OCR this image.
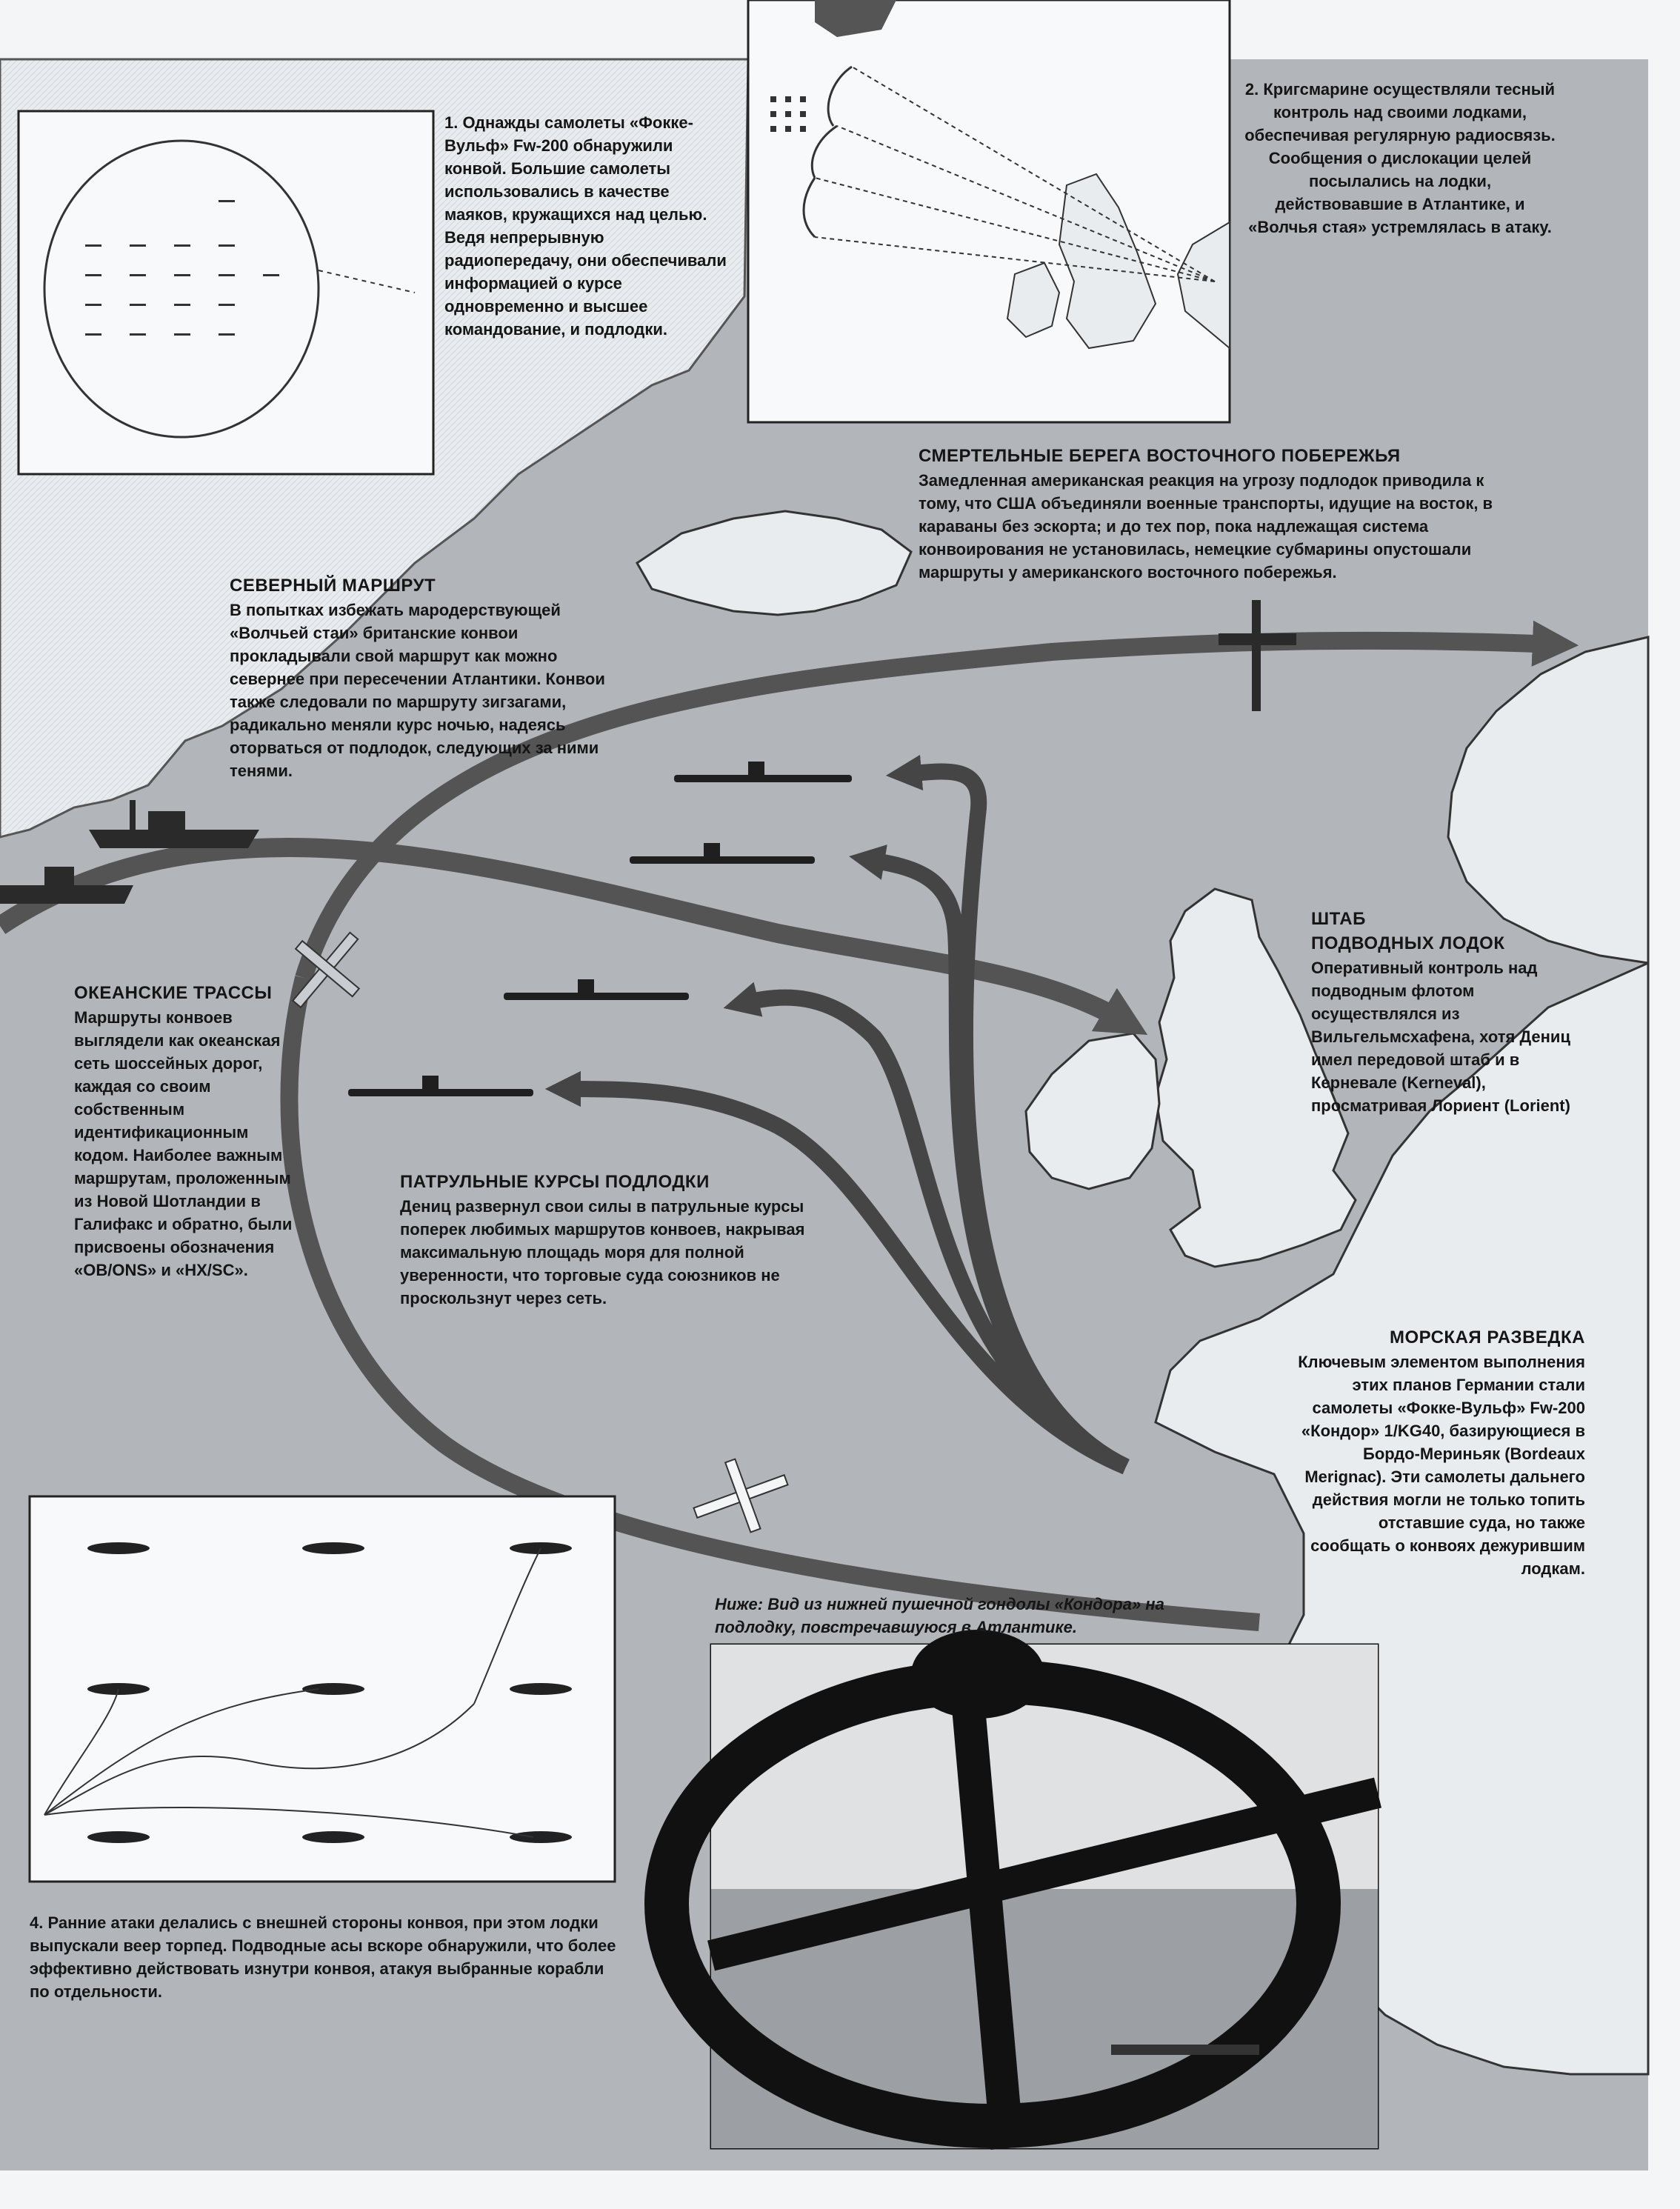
1. Однажды самолеты «Фокке-Вульф» Fw-200 обнаружили конвой. Большие самолеты использовались в качестве маяков, кружащихся над целью. Ведя непрерывную радиопередачу, они обеспечивали информацией о курсе одновременно и высшее командование, и подлодки.

2. Кригсмарине осуществляли тесный контроль над своими лодками, обеспечивая регулярную радиосвязь. Сообщения о дислокации целей посылались на лодки, действовавшие в Атлантике, и «Волчья стая» устремлялась в атаку.

СМЕРТЕЛЬНЫЕ БЕРЕГА ВОСТОЧНОГО ПОБЕРЕЖЬЯ

Замедленная американская реакция на угрозу подлодок приводила к тому, что США объединяли военные транспорты, идущие на восток, в караваны без эскорта; и до тех пор, пока надлежащая система конвоирования не установилась, немецкие субмарины опустошали маршруты у американского восточного побережья.

СЕВЕРНЫЙ МАРШРУТ

В попытках избежать мародерствующей «Волчьей стаи» британские конвои прокладывали свой маршрут как можно севернее при пересечении Атлантики. Конвои также следовали по маршруту зигзагами, радикально меняли курс ночью, надеясь оторваться от подлодок, следующих за ними тенями.

ОКЕАНСКИЕ ТРАССЫ

Маршруты конвоев выглядели как океанская сеть шоссейных дорог, каждая со своим собственным идентификационным кодом. Наиболее важным маршрутам, проложенным из Новой Шотландии в Галифакс и обратно, были присвоены обозначения «OB/ONS» и «HX/SC».

ПАТРУЛЬНЫЕ КУРСЫ ПОДЛОДКИ

Дениц развернул свои силы в патрульные курсы поперек любимых маршрутов конвоев, накрывая максимальную площадь моря для полной уверенности, что торговые суда союзников не проскользнут через сеть.

ШТАБ
ПОДВОДНЫХ ЛОДОК

Оперативный контроль над подводным флотом осуществлялся из Вильгельмсхафена, хотя Дениц имел передовой штаб и в Керневале (Kerneval), просматривая Лориент (Lorient)

МОРСКАЯ РАЗВЕДКА

Ключевым элементом выполнения этих планов Германии стали самолеты «Фокке-Вульф» Fw-200 «Кондор» 1/KG40, базирующиеся в Бордо-Мериньяк (Bordeaux Merignac). Эти самолеты дальнего действия могли не только топить отставшие суда, но также сообщать о конвоях дежурившим лодкам.

Ниже: Вид из нижней пушечной гондолы «Кондора» на подлодку, повстречавшуюся в Атлантике.

4. Ранние атаки делались с внешней стороны конвоя, при этом лодки выпускали веер торпед. Подводные асы вскоре обнаружили, что более эффективно действовать изнутри конвоя, атакуя выбранные корабли по отдельности.
